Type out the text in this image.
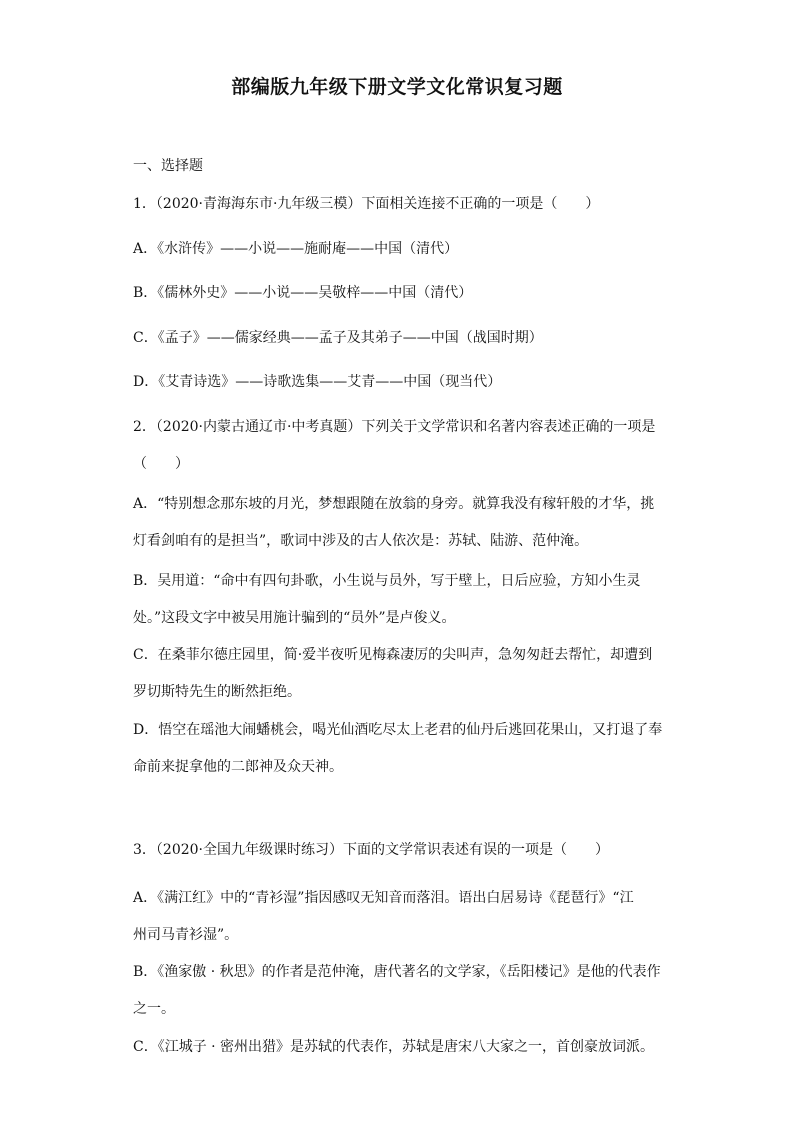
部编版九年级下册文学文化常识复习题
一、选择题
1．（2020·青海海东市·九年级三模）下面相关连接不正确的一项是（　　）
A．《水浒传》——小说——施耐庵——中国（清代）
B．《儒林外史》——小说——吴敬梓——中国（清代）
C．《孟子》——儒家经典——孟子及其弟子——中国（战国时期）
D．《艾青诗选》——诗歌选集——艾青——中国（现当代）
2．（2020·内蒙古通辽市·中考真题）下列关于文学常识和名著内容表述正确的一项是
（　　）
A．“特别想念那东坡的月光，梦想跟随在放翁的身旁。就算我没有稼轩般的才华，挑
灯看剑咱有的是担当”，歌词中涉及的古人依次是：苏轼、陆游、范仲淹。
B．吴用道：“命中有四句卦歌，小生说与员外，写于壁上，日后应验，方知小生灵
处。”这段文字中被吴用施计骗到的“员外”是卢俊义。
C．在桑菲尔德庄园里，简·爱半夜听见梅森凄厉的尖叫声，急匆匆赶去帮忙，却遭到
罗切斯特先生的断然拒绝。
D．悟空在瑶池大闹蟠桃会，喝光仙酒吃尽太上老君的仙丹后逃回花果山，又打退了奉
命前来捉拿他的二郎神及众天神。
3．（2020·全国九年级课时练习）下面的文学常识表述有误的一项是（　　）
A．《满江红》中的“青衫湿”指因感叹无知音而落泪。语出白居易诗《琵琶行》“江
州司马青衫湿”。
B．《渔家傲 · 秋思》的作者是范仲淹，唐代著名的文学家，《岳阳楼记》是他的代表作
之一。
C．《江城子 · 密州出猎》是苏轼的代表作，苏轼是唐宋八大家之一，首创豪放词派。
